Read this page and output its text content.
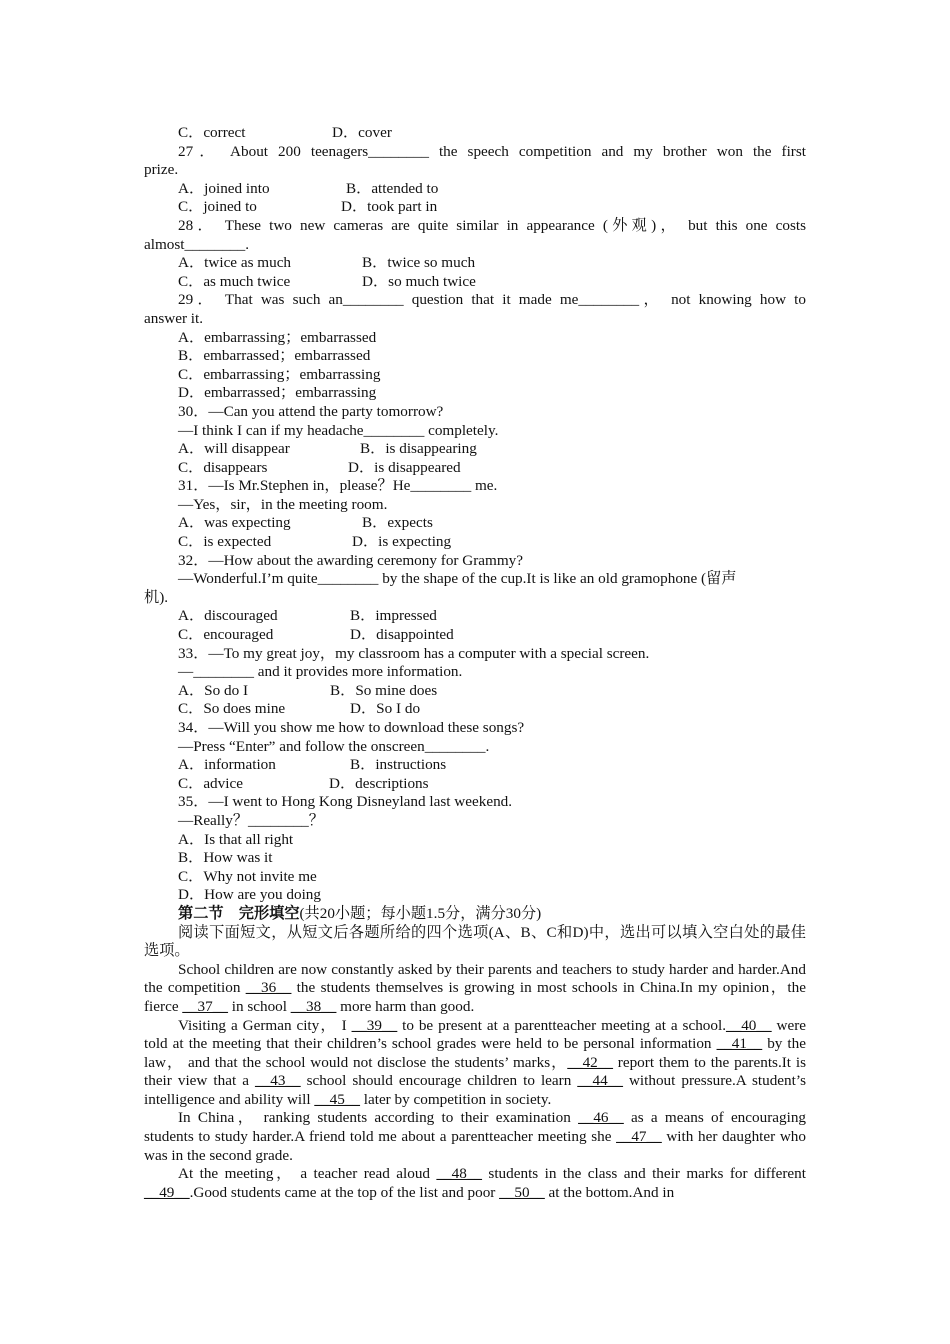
C．correct	D．cover
27． About 200 teenagers________ the speech competition and my brother won the first
prize.
A．joined into	B．attended to
C．joined to	D．took part in
28． These two new cameras are quite similar in appearance (外观)， but this one costs
almost________.
A．twice as much	B．twice so much
C．as much twice	D．so much twice
29． That was such an________ question that it made me________， not knowing how to
answer it.
A．embarrassing；embarrassed
B．embarrassed；embarrassed
C．embarrassing；embarrassing
D．embarrassed；embarrassing
30．—Can you attend the party tomorrow?
—I think I can if my headache________ completely.
A．will disappear	B．is disappearing
C．disappears	D．is disappeared
31．—Is Mr.Stephen in，please？He________ me.
—Yes，sir，in the meeting room.
A．was expecting	B．expects
C．is expected	D．is expecting
32．—How about the awarding ceremony for Grammy?
—Wonderful.I’m quite________ by the shape of the cup.It is like an old gramophone (留声
机).
A．discouraged	B．impressed
C．encouraged	D．disappointed
33．—To my great joy，my classroom has a computer with a special screen.
—________ and it provides more information.
A．So do I	B．So mine does
C．So does mine	D．So I do
34．—Will you show me how to download these songs?
—Press “Enter” and follow the onscreen________.
A．information	B．instructions
C．advice	D．descriptions
35．—I went to Hong Kong Disneyland last weekend.
—Really？________？
A．Is that all right
B．How was it
C．Why not invite me
D．How are you doing
第二节　完形填空(共20小题；每小题1.5分，满分30分)

阅读下面短文，从短文后各题所给的四个选项(A、B、C和D)中，选出可以填入空白处的最佳选项。

School children are now constantly asked by their parents and teachers to study harder and harder.And the competition __36__ the students themselves is growing in most schools in China.In my opinion，the fierce __37__ in school __38__ more harm than good.

Visiting a German city， I __39__ to be present at a parentteacher meeting at a school.__40__ were told at the meeting that their children’s school grades were held to be personal information __41__ by the law， and that the school would not disclose the students’ marks，__42__ report them to the parents.It is their view that a __43__ school should encourage children to learn __44__ without pressure.A student’s intelligence and ability will __45__ later by competition in society.

In China， ranking students according to their examination __46__ as a means of encouraging students to study harder.A friend told me about a parentteacher meeting she __47__ with her daughter who was in the second grade.

At the meeting， a teacher read aloud __48__ students in the class and their marks for different __49__.Good students came at the top of the list and poor __50__ at the bottom.And in
